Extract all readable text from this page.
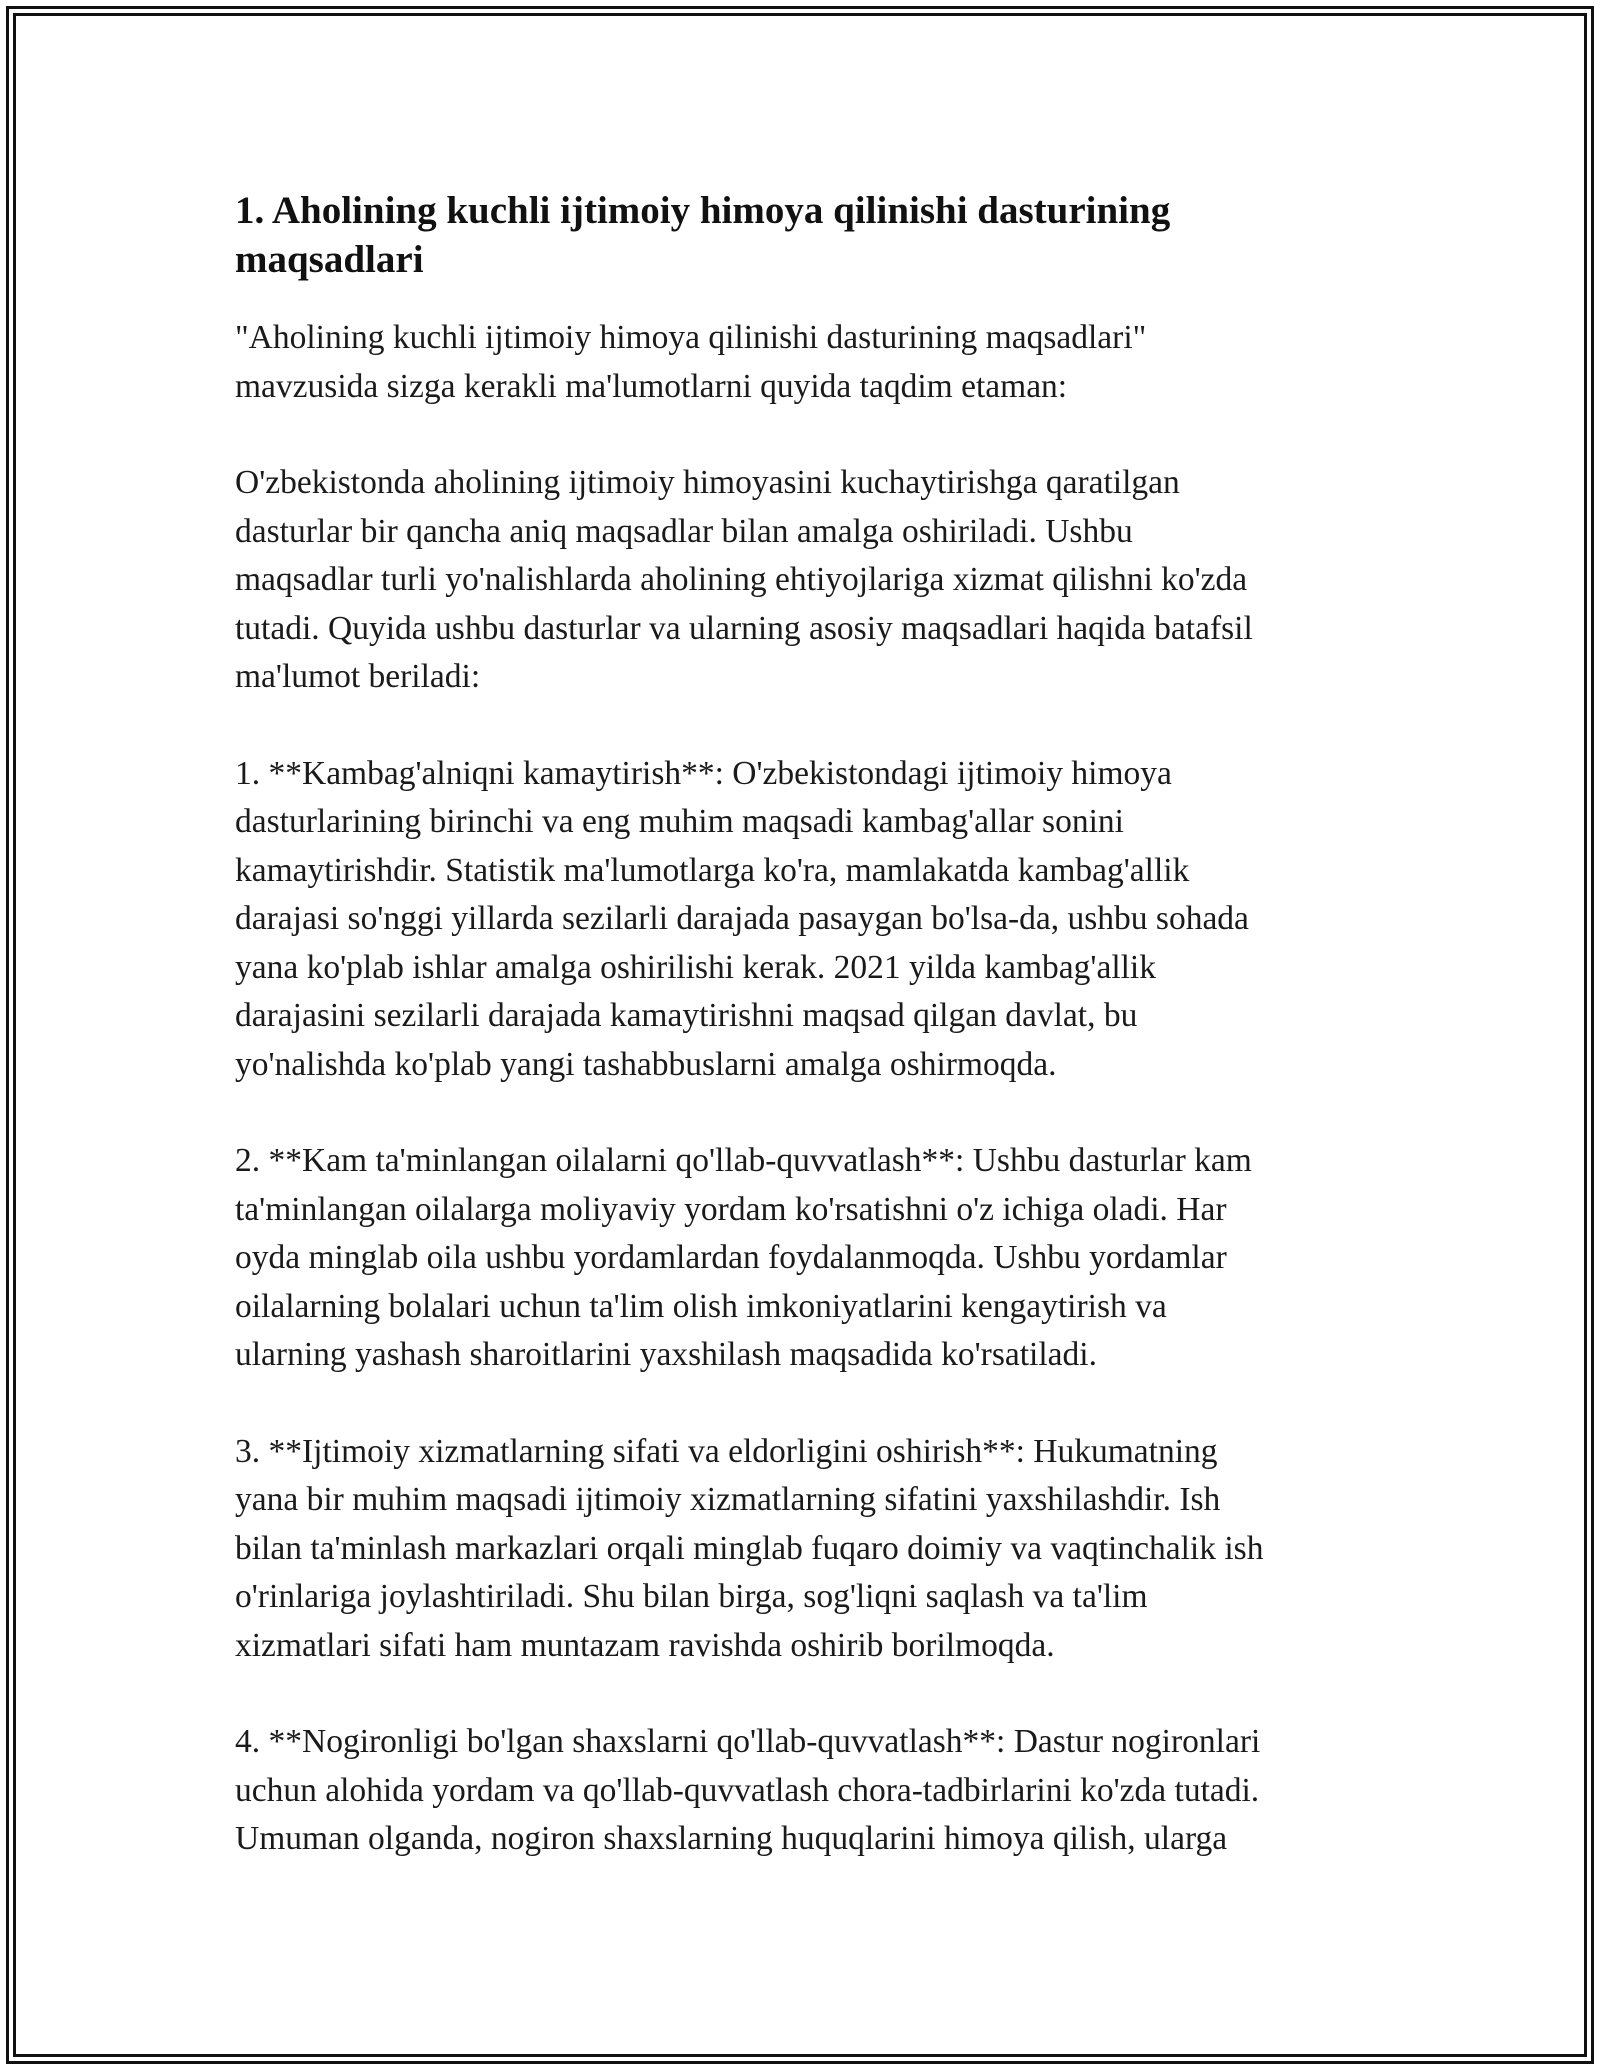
1. Aholining kuchli ijtimoiy himoya qilinishi dasturining maqsadlari

"Aholining kuchli ijtimoiy himoya qilinishi dasturining maqsadlari"
mavzusida sizga kerakli ma'lumotlarni quyida taqdim etaman:

O'zbekistonda aholining ijtimoiy himoyasini kuchaytirishga qaratilgan
dasturlar bir qancha aniq maqsadlar bilan amalga oshiriladi. Ushbu
maqsadlar turli yo'nalishlarda aholining ehtiyojlariga xizmat qilishni ko'zda
tutadi. Quyida ushbu dasturlar va ularning asosiy maqsadlari haqida batafsil
ma'lumot beriladi:

1. **Kambag'alniqni kamaytirish**: O'zbekistondagi ijtimoiy himoya
dasturlarining birinchi va eng muhim maqsadi kambag'allar sonini
kamaytirishdir. Statistik ma'lumotlarga ko'ra, mamlakatda kambag'allik
darajasi so'nggi yillarda sezilarli darajada pasaygan bo'lsa-da, ushbu sohada
yana ko'plab ishlar amalga oshirilishi kerak. 2021 yilda kambag'allik
darajasini sezilarli darajada kamaytirishni maqsad qilgan davlat, bu
yo'nalishda ko'plab yangi tashabbuslarni amalga oshirmoqda.

2. **Kam ta'minlangan oilalarni qo'llab-quvvatlash**: Ushbu dasturlar kam
ta'minlangan oilalarga moliyaviy yordam ko'rsatishni o'z ichiga oladi. Har
oyda minglab oila ushbu yordamlardan foydalanmoqda. Ushbu yordamlar
oilalarning bolalari uchun ta'lim olish imkoniyatlarini kengaytirish va
ularning yashash sharoitlarini yaxshilash maqsadida ko'rsatiladi.

3. **Ijtimoiy xizmatlarning sifati va eldorligini oshirish**: Hukumatning
yana bir muhim maqsadi ijtimoiy xizmatlarning sifatini yaxshilashdir. Ish
bilan ta'minlash markazlari orqali minglab fuqaro doimiy va vaqtinchalik ish
o'rinlariga joylashtiriladi. Shu bilan birga, sog'liqni saqlash va ta'lim
xizmatlari sifati ham muntazam ravishda oshirib borilmoqda.

4. **Nogironligi bo'lgan shaxslarni qo'llab-quvvatlash**: Dastur nogironlari
uchun alohida yordam va qo'llab-quvvatlash chora-tadbirlarini ko'zda tutadi.
Umuman olganda, nogiron shaxslarning huquqlarini himoya qilish, ularga
